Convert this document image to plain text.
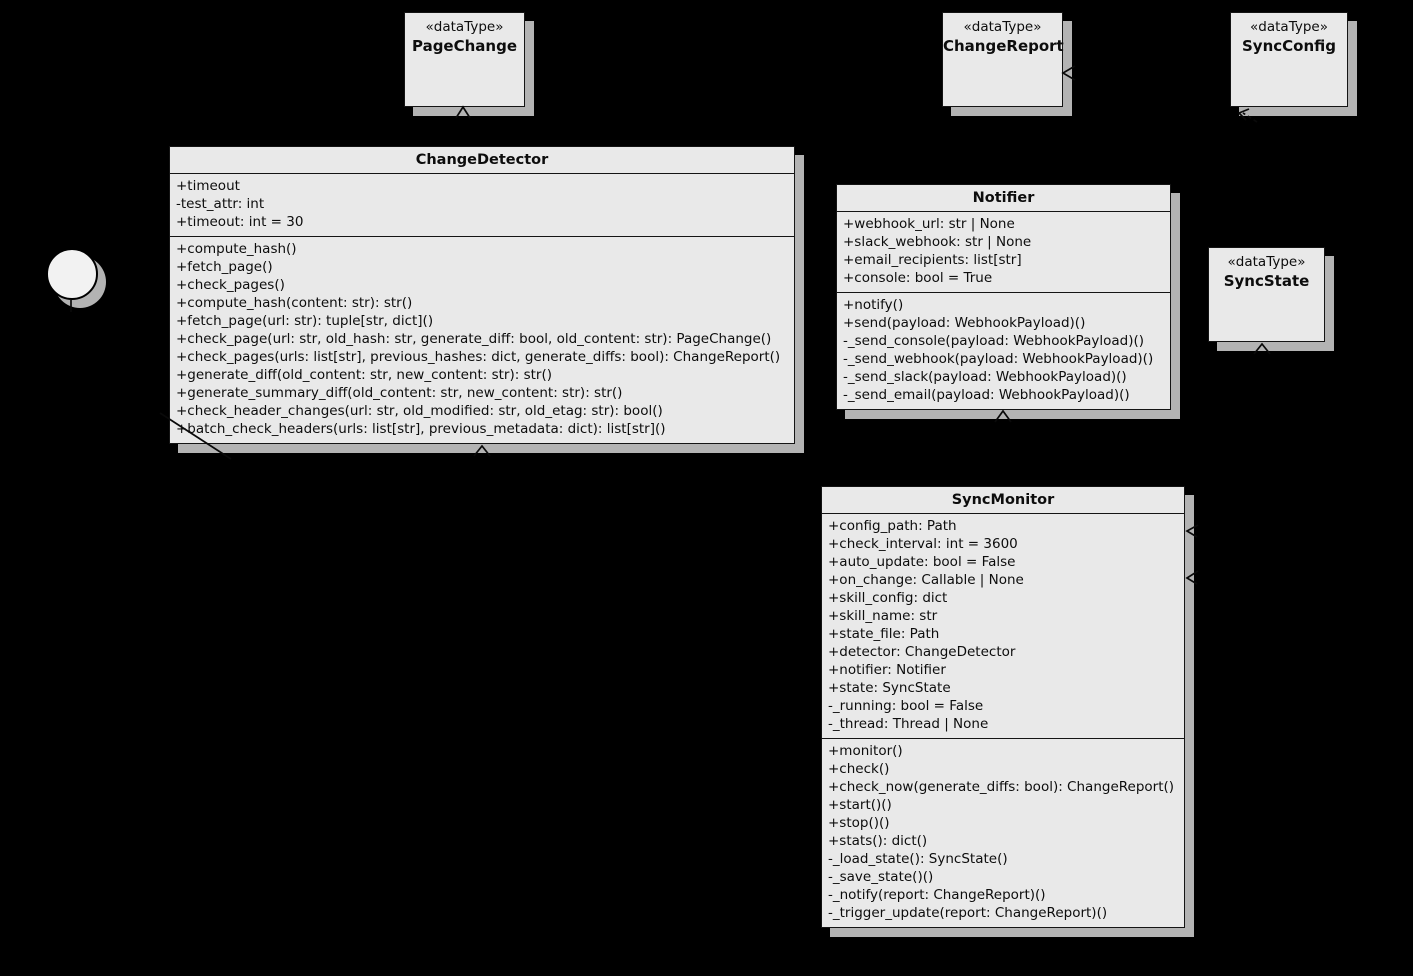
«dataType»
PageChange
«dataType»
ChangeReport
«dataType»
SyncConfig
«dataType»
SyncState
ChangeDetector
+timeout
-test_attr: int
+timeout: int = 30
+compute_hash()
+fetch_page()
+check_pages()
+compute_hash(content: str): str()
+fetch_page(url: str): tuple[str, dict]()
+check_page(url: str, old_hash: str, generate_diff: bool, old_content: str): PageChange()
+check_pages(urls: list[str], previous_hashes: dict, generate_diffs: bool): ChangeReport()
+generate_diff(old_content: str, new_content: str): str()
+generate_summary_diff(old_content: str, new_content: str): str()
+check_header_changes(url: str, old_modified: str, old_etag: str): bool()
+batch_check_headers(urls: list[str], previous_metadata: dict): list[str]()
Notifier
+webhook_url: str | None
+slack_webhook: str | None
+email_recipients: list[str]
+console: bool = True
+notify()
+send(payload: WebhookPayload)()
-_send_console(payload: WebhookPayload)()
-_send_webhook(payload: WebhookPayload)()
-_send_slack(payload: WebhookPayload)()
-_send_email(payload: WebhookPayload)()
SyncMonitor
+config_path: Path
+check_interval: int = 3600
+auto_update: bool = False
+on_change: Callable | None
+skill_config: dict
+skill_name: str
+state_file: Path
+detector: ChangeDetector
+notifier: Notifier
+state: SyncState
-_running: bool = False
-_thread: Thread | None
+monitor()
+check()
+check_now(generate_diffs: bool): ChangeReport()
+start()()
+stop()()
+stats(): dict()
-_load_state(): SyncState()
-_save_state()()
-_notify(report: ChangeReport)()
-_trigger_update(report: ChangeReport)()
